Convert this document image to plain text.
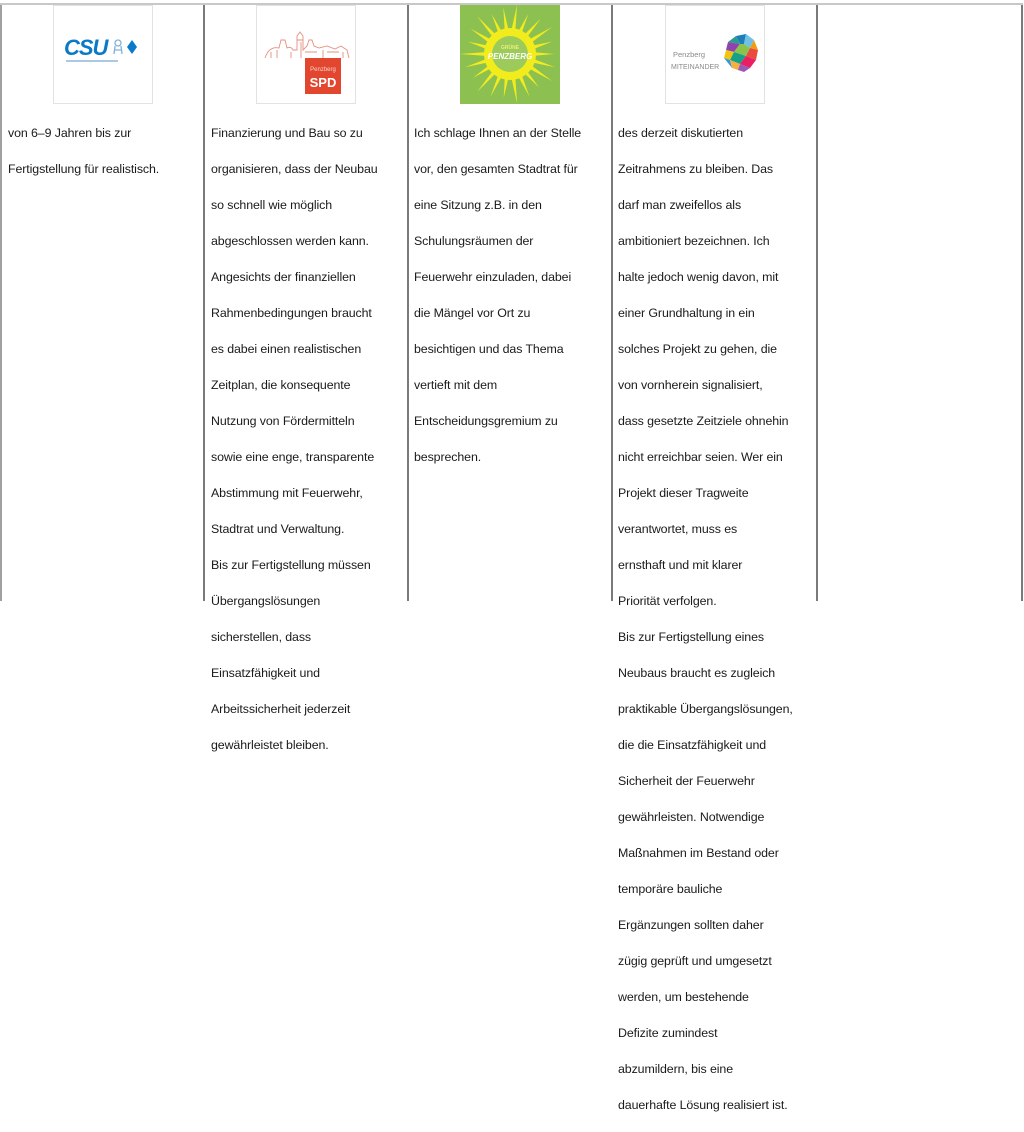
CSU

von 6–9 Jahren bis zur

Fertigstellung für realistisch.

Penzberg
SPD

Finanzierung und Bau so zu

organisieren, dass der Neubau

so schnell wie möglich

abgeschlossen werden kann.

Angesichts der finanziellen

Rahmenbedingungen braucht

es dabei einen realistischen

Zeitplan, die konsequente

Nutzung von Fördermitteln

sowie eine enge, transparente

Abstimmung mit Feuerwehr,

Stadtrat und Verwaltung.

Bis zur Fertigstellung müssen

Übergangslösungen

sicherstellen, dass

Einsatzfähigkeit und

Arbeitssicherheit jederzeit

gewährleistet bleiben.

GRÜNE
PENZBERG

Ich schlage Ihnen an der Stelle

vor, den gesamten Stadtrat für

eine Sitzung z.B. in den

Schulungsräumen der

Feuerwehr einzuladen, dabei

die Mängel vor Ort zu

besichtigen und das Thema

vertieft mit dem

Entscheidungsgremium zu

besprechen.

Penzberg
MITEINANDER

des derzeit diskutierten

Zeitrahmens zu bleiben. Das

darf man zweifellos als

ambitioniert bezeichnen. Ich

halte jedoch wenig davon, mit

einer Grundhaltung in ein

solches Projekt zu gehen, die

von vornherein signalisiert,

dass gesetzte Zeitziele ohnehin

nicht erreichbar seien. Wer ein

Projekt dieser Tragweite

verantwortet, muss es

ernsthaft und mit klarer

Priorität verfolgen.

Bis zur Fertigstellung eines

Neubaus braucht es zugleich

praktikable Übergangslösungen,

die die Einsatzfähigkeit und

Sicherheit der Feuerwehr

gewährleisten. Notwendige

Maßnahmen im Bestand oder

temporäre bauliche

Ergänzungen sollten daher

zügig geprüft und umgesetzt

werden, um bestehende

Defizite zumindest

abzumildern, bis eine

dauerhafte Lösung realisiert ist.
